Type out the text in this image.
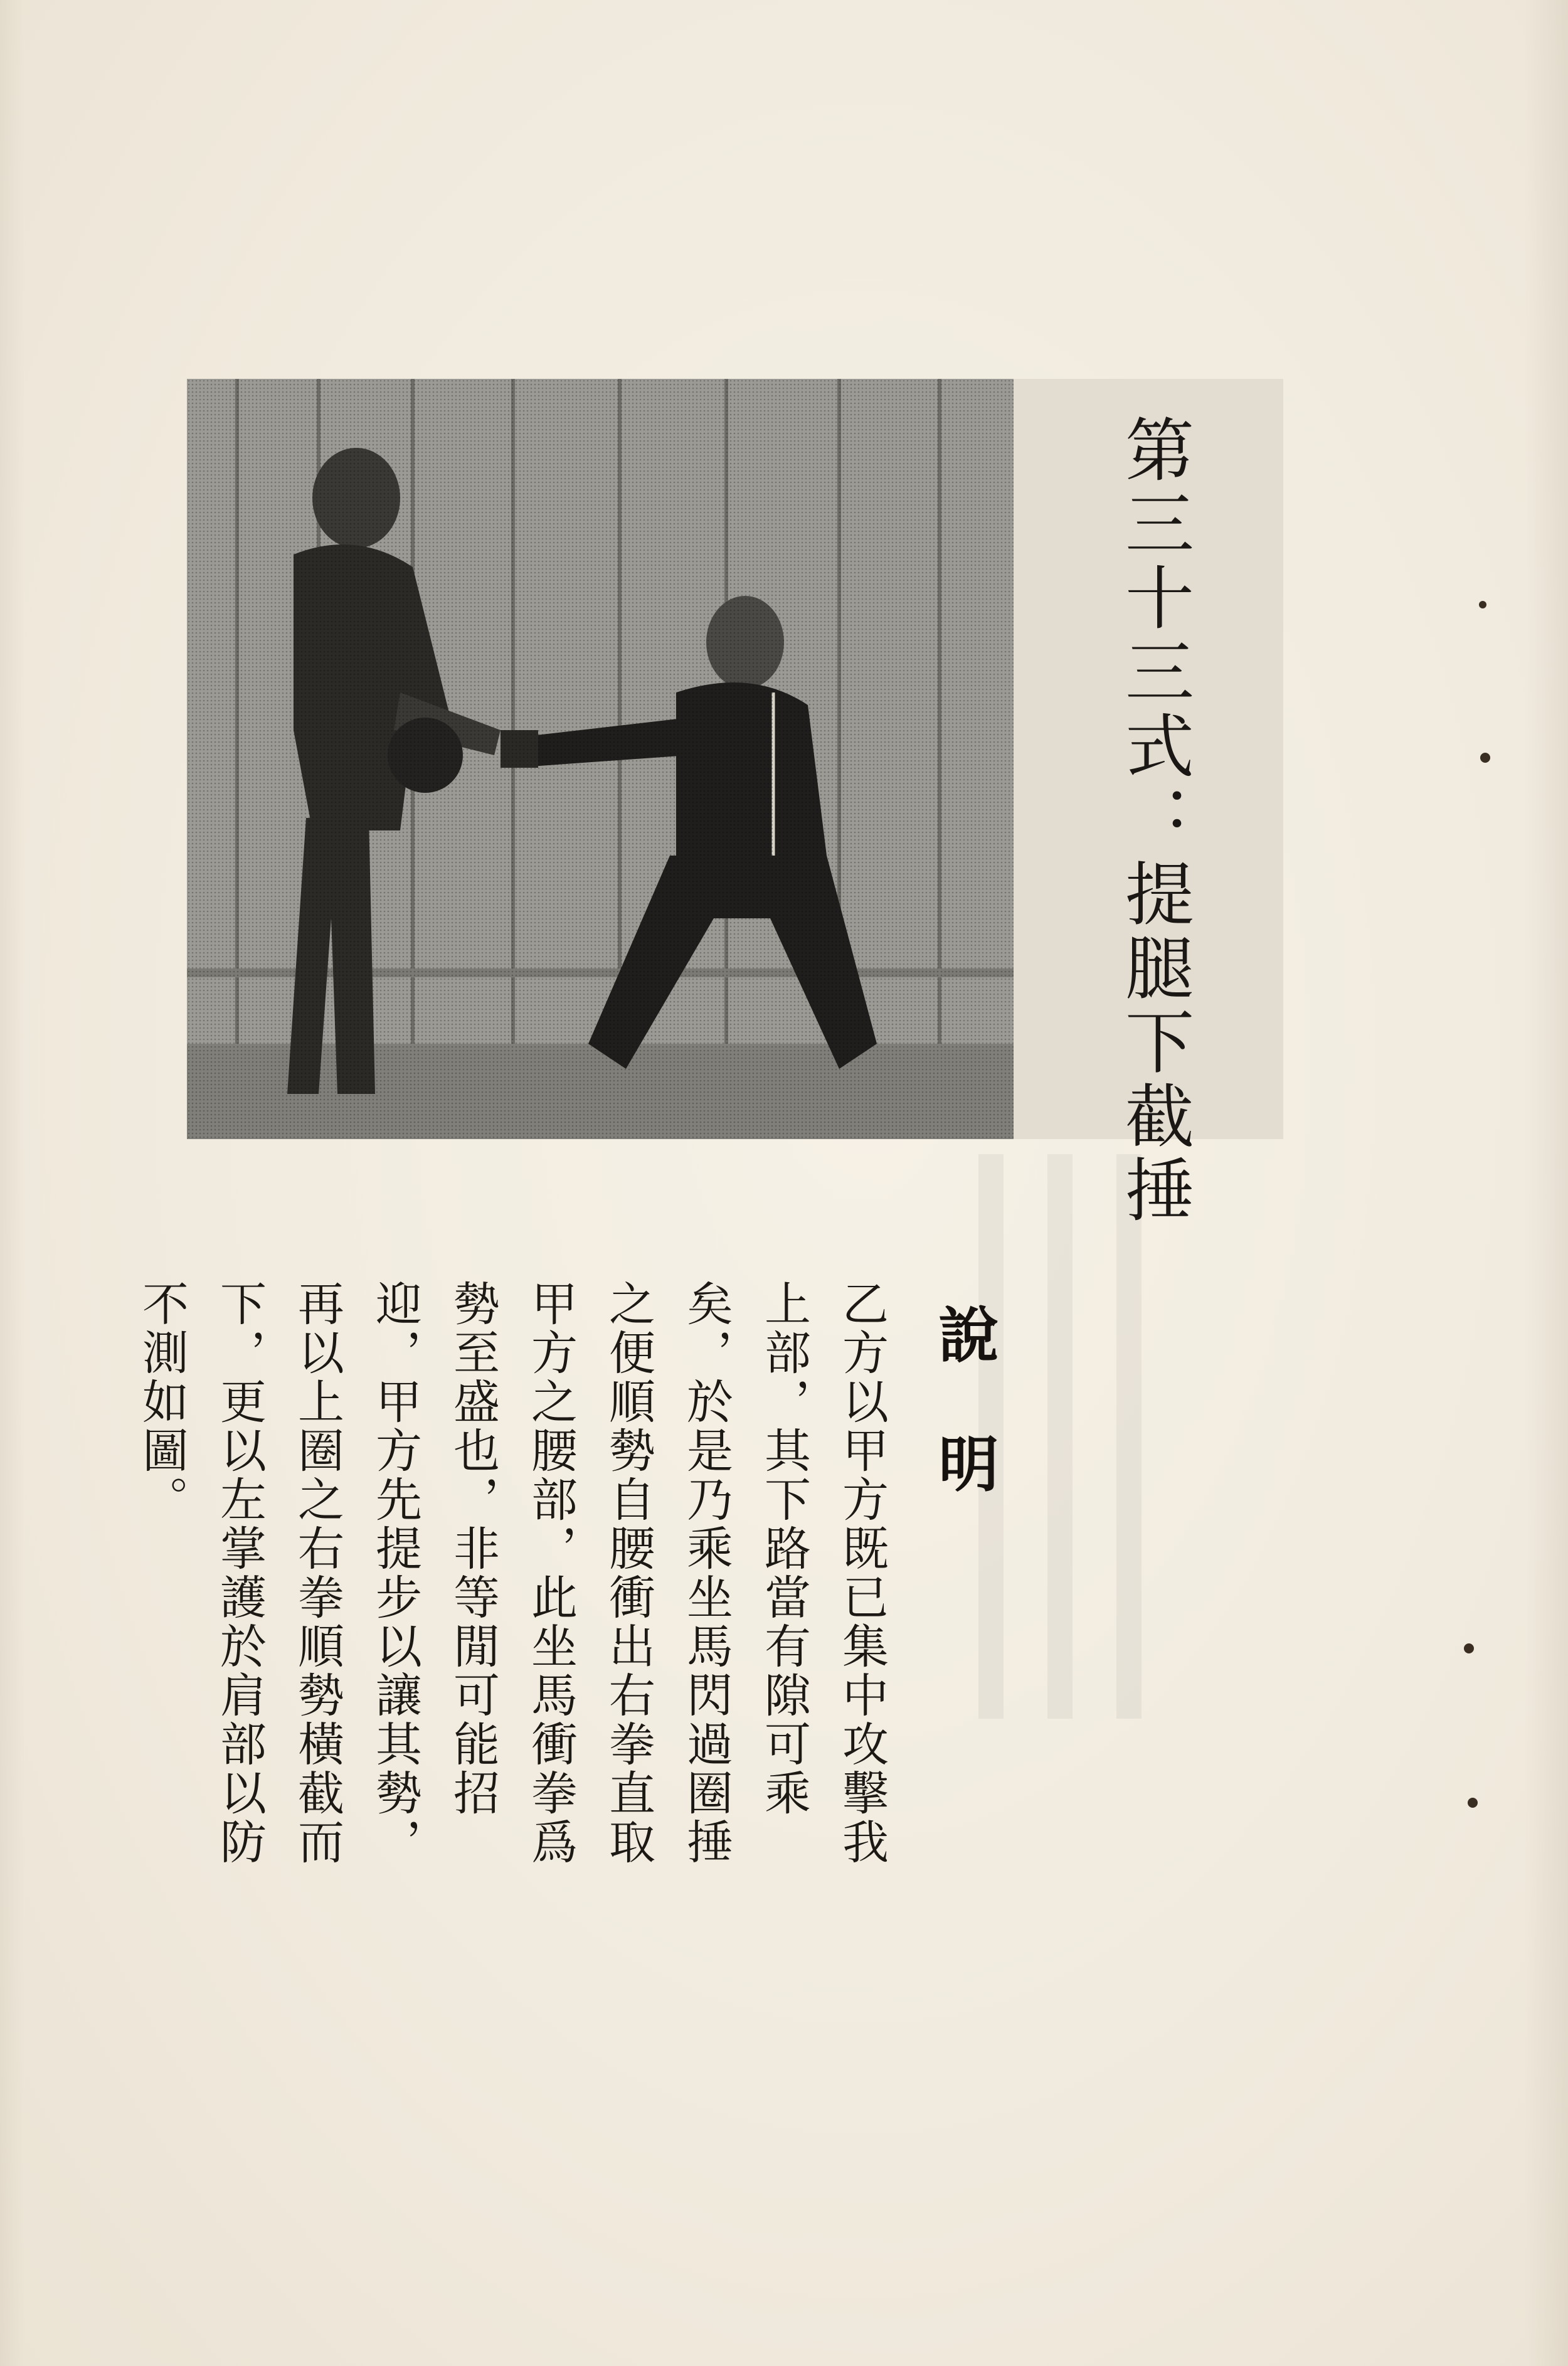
第三十三式：提腿下截捶
說明

乙方以甲方既已集中攻擊我上部，其下路當有隙可乘矣，於是乃乘坐馬閃過圈捶之便順勢自腰衝出右拳直取甲方之腰部，此坐馬衝拳爲勢至盛也，非等閒可能招迎，甲方先提步以讓其勢，再以上圈之右拳順勢橫截而下，更以左掌護於肩部以防不測如圖。
